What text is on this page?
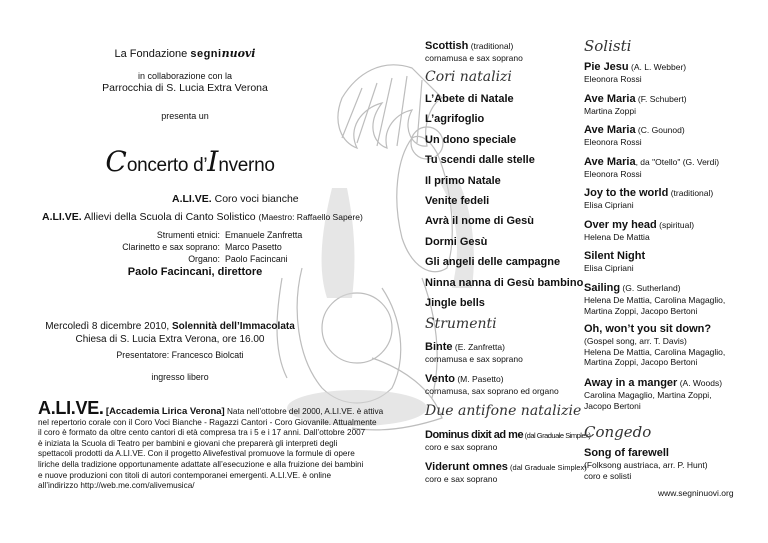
La Fondazione segninuovi
in collaborazione con la
Parrocchia di S. Lucia Extra Verona
presenta un
Concerto d’Inverno
A.LI.VE. Coro voci bianche
A.LI.VE. Allievi della Scuola di Canto Solistico (Maestro: Raffaello Sapere)
Strumenti etnici:
Clarinetto e sax soprano:
Organo:
Emanuele Zanfretta
Marco Pasetto
Paolo Facincani
Paolo Facincani, direttore
Mercoledì 8 dicembre 2010, Solennità dell’Immacolata
Chiesa di S. Lucia Extra Verona, ore 16.00
Presentatore: Francesco Biolcati
ingresso libero
A.LI.VE. [Accademia Lirica Verona] Nata nell’ottobre del 2000, A.LI.VE. è attiva
nel repertorio corale con il Coro Voci Bianche - Ragazzi Cantori - Coro Giovanile. Attualmente
il coro è formato da oltre cento cantori di età compresa tra i 5 e i 17 anni. Dall’ottobre 2007
è iniziata la Scuola di Teatro per bambini e giovani che preparerà gli interpreti degli
spettacoli prodotti da A.LI.VE. Con il progetto Alivefestival promuove la formule di opere
liriche della tradizione opportunamente adattate all’esecuzione e alla fruizione dei bambini
e nuove produzioni con titoli di autori contemporanei emergenti. A.LI.VE. è online
all’indirizzo http://web.me.com/alivemusica/
Scottish (traditional)
cornamusa e sax soprano
Cori natalizi
L’Abete di Natale
L’agrifoglio
Un dono speciale
Tu scendi dalle stelle
Il primo Natale
Venite fedeli
Avrà il nome di Gesù
Dormi Gesù
Gli angeli delle campagne
Ninna nanna di Gesù bambino
Jingle bells
Strumenti
Binte (E. Zanfretta)
cornamusa e sax soprano
Vento (M. Pasetto)
cornamusa, sax soprano ed organo
Due antifone natalizie
Dominus dixit ad me (dal Graduale Simplex)
coro e sax soprano
Viderunt omnes (dal Graduale Simplex)
coro e sax soprano
Solisti
Pie Jesu (A. L. Webber)
Eleonora Rossi
Ave Maria (F. Schubert)
Martina Zoppi
Ave Maria (C. Gounod)
Eleonora Rossi
Ave Maria, da "Otello" (G. Verdi)
Eleonora Rossi
Joy to the world (traditional)
Elisa Cipriani
Over my head (spiritual)
Helena De Mattia
Silent Night
Elisa Cipriani
Sailing (G. Sutherland)
Helena De Mattia, Carolina Magaglio,
Martina Zoppi, Jacopo Bertoni
Oh, won’t you sit down?
(Gospel song, arr. T. Davis)
Helena De Mattia, Carolina Magaglio,
Martina Zoppi, Jacopo Bertoni
Away in a manger (A. Woods)
Carolina Magaglio, Martina Zoppi,
Jacopo Bertoni
Congedo
Song of farewell
(Folksong austriaca, arr. P. Hunt)
coro e solisti
www.segninuovi.org
